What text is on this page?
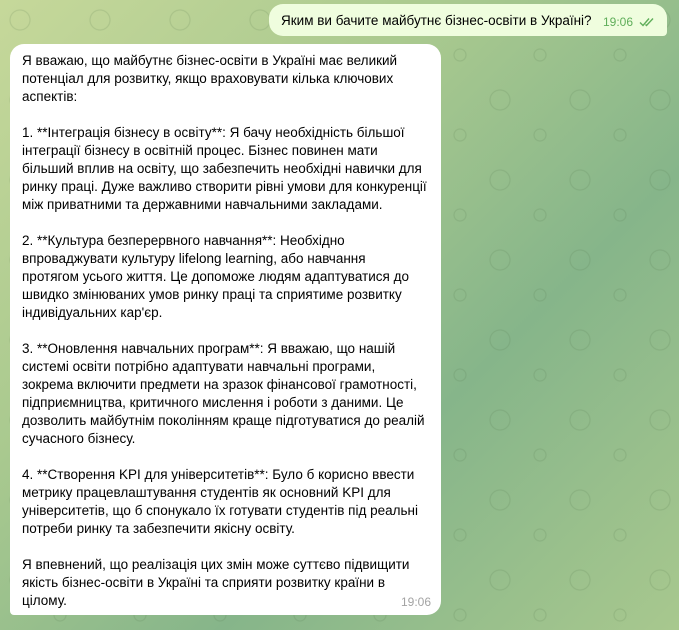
Яким ви бачите майбутнє бізнес-освіти в Україні? 19:06
Я вважаю, що майбутнє бізнес-освіти в Україні має великий
потенціал для розвитку, якщо враховувати кілька ключових
аспектів:
1. **Інтеграція бізнесу в освіту**: Я бачу необхідність більшої
інтеграції бізнесу в освітній процес. Бізнес повинен мати
більший вплив на освіту, що забезпечить необхідні навички для
ринку праці. Дуже важливо створити рівні умови для конкуренції
між приватними та державними навчальними закладами.
2. **Культура безперервного навчання**: Необхідно
впроваджувати культуру lifelong learning, або навчання
протягом усього життя. Це допоможе людям адаптуватися до
швидко змінюваних умов ринку праці та сприятиме розвитку
індивідуальних кар'єр.
3. **Оновлення навчальних програм**: Я вважаю, що нашій
системі освіти потрібно адаптувати навчальні програми,
зокрема включити предмети на зразок фінансової грамотності,
підприємництва, критичного мислення і роботи з даними. Це
дозволить майбутнім поколінням краще підготуватися до реалій
сучасного бізнесу.
4. **Створення KPI для університетів**: Було б корисно ввести
метрику працевлаштування студентів як основний KPI для
університетів, що б спонукало їх готувати студентів під реальні
потреби ринку та забезпечити якісну освіту.
Я впевнений, що реалізація цих змін може суттєво підвищити
якість бізнес-освіти в Україні та сприяти розвитку країни в
цілому.	19:06
